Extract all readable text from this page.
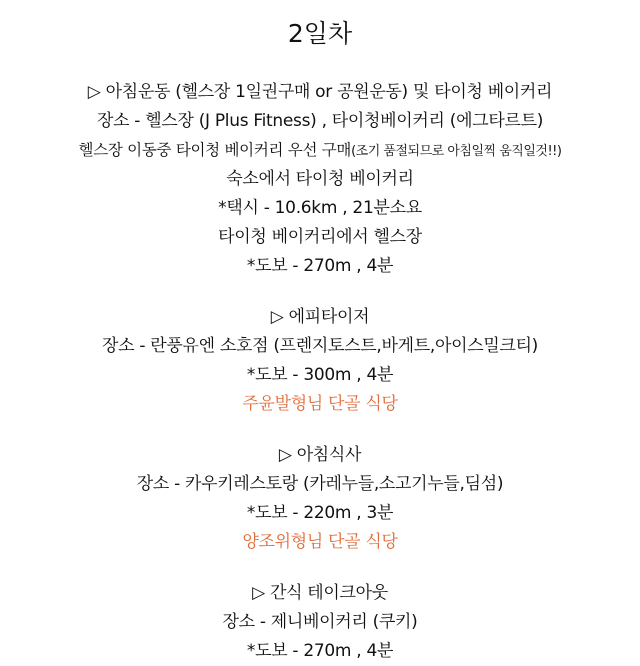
2일차
▷ 아침운동 (헬스장 1일권구매 or 공원운동) 및 타이청 베이커리
장소 - 헬스장 (J Plus Fitness) , 타이청베이커리 (에그타르트)
헬스장 이동중 타이청 베이커리 우선 구매(조기 품절되므로 아침일찍 움직일것!!)
숙소에서 타이청 베이커리
*택시 - 10.6km , 21분소요
타이청 베이커리에서 헬스장
*도보 - 270m , 4분
▷ 에피타이저
장소 - 란풍유엔 소호점 (프렌지토스트,바게트,아이스밀크티)
*도보 - 300m , 4분
주윤발형님 단골 식당
▷ 아침식사
장소 - 카우키레스토랑 (카레누들,소고기누들,딤섬)
*도보 - 220m , 3분
양조위형님 단골 식당
▷ 간식 테이크아웃
장소 - 제니베이커리 (쿠키)
*도보 - 270m , 4분
